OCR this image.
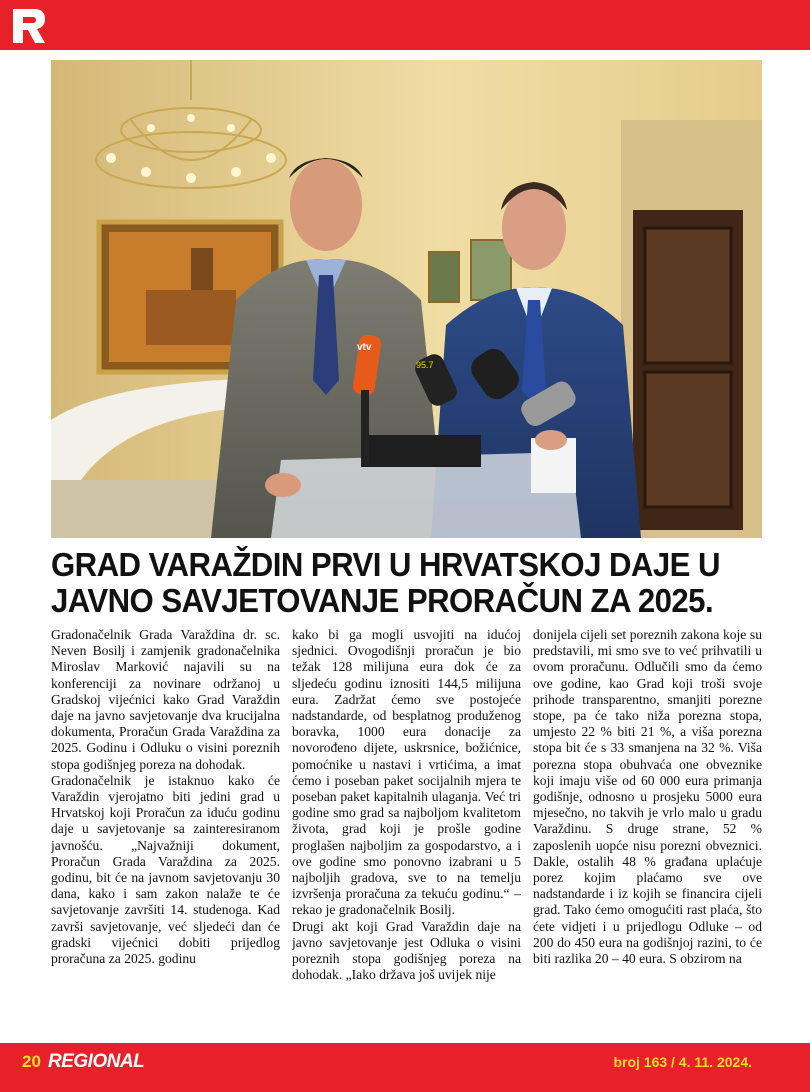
vtv
95.7
GRAD VARAŽDIN PRVI U HRVATSKOJ DAJE U
JAVNO SAVJETOVANJE PRORAČUN ZA 2025.

Gradonačelnik Grada Varaždina dr. sc. Neven Bosilj i zamjenik gradonačelnika Miroslav Marković najavili su na konferenciji za novinare održanoj u Gradskoj vijećnici kako Grad Varaždin daje na javno savjetovanje dva krucijalna dokumenta, Proračun Grada Varaždina za 2025. Godinu i Odluku o visini poreznih stopa godišnjeg poreza na dohodak.

Gradonačelnik je istaknuo kako će Varaždin vjerojatno biti jedini grad u Hrvatskoj koji Proračun za iduću godinu daje u savjetovanje sa zainteresiranom javnošću. „Najvažniji dokument, Proračun Grada Varaždina za 2025. godinu, bit će na javnom savjetovanju 30 dana, kako i sam zakon nalaže te će savjetovanje završiti 14. studenoga. Kad završi savjetovanje, već sljedeći dan će gradski vijećnici dobiti prijedlog proračuna za 2025. godinu

kako bi ga mogli usvojiti na idućoj sjednici. Ovogodišnji proračun je bio težak 128 milijuna eura dok će za sljedeću godinu iznositi 144,5 milijuna eura. Zadržat ćemo sve postojeće nadstandarde, od besplatnog produženog boravka, 1000 eura donacije za novorođeno dijete, uskrsnice, božićnice, pomoćnike u nastavi i vrtićima, a imat ćemo i poseban paket socijalnih mjera te poseban paket kapitalnih ulaganja. Već tri godine smo grad sa najboljom kvalitetom života, grad koji je prošle godine proglašen najboljim za gospodarstvo, a i ove godine smo ponovno izabrani u 5 najboljih gradova, sve to na temelju izvršenja proračuna za tekuću godinu.“ – rekao je gradonačelnik Bosilj.

Drugi akt koji Grad Varaždin daje na javno savjetovanje jest Odluka o visini poreznih stopa godišnjeg poreza na dohodak. „Iako država još uvijek nije

donijela cijeli set poreznih zakona koje su predstavili, mi smo sve to već prihvatili u ovom proračunu. Odlučili smo da ćemo ove godine, kao Grad koji troši svoje prihode transparentno, smanjiti porezne stope, pa će tako niža porezna stopa, umjesto 22 % biti 21 %, a viša porezna stopa bit će s 33 smanjena na 32 %. Viša porezna stopa obuhvaća one obveznike koji imaju više od 60 000 eura primanja godišnje, odnosno u prosjeku 5000 eura mjesečno, no takvih je vrlo malo u gradu Varaždinu. S druge strane, 52 % zaposlenih uopće nisu porezni obveznici. Dakle, ostalih 48 % građana uplaćuje porez kojim plaćamo sve ove nadstandarde i iz kojih se financira cijeli grad. Tako ćemo omogućiti rast plaća, što ćete vidjeti i u prijedlogu Odluke – od 200 do 450 eura na godišnjoj razini, to će biti razlika 20 – 40 eura. S obzirom na

20 REGIONAL	broj 163 / 4. 11. 2024.
